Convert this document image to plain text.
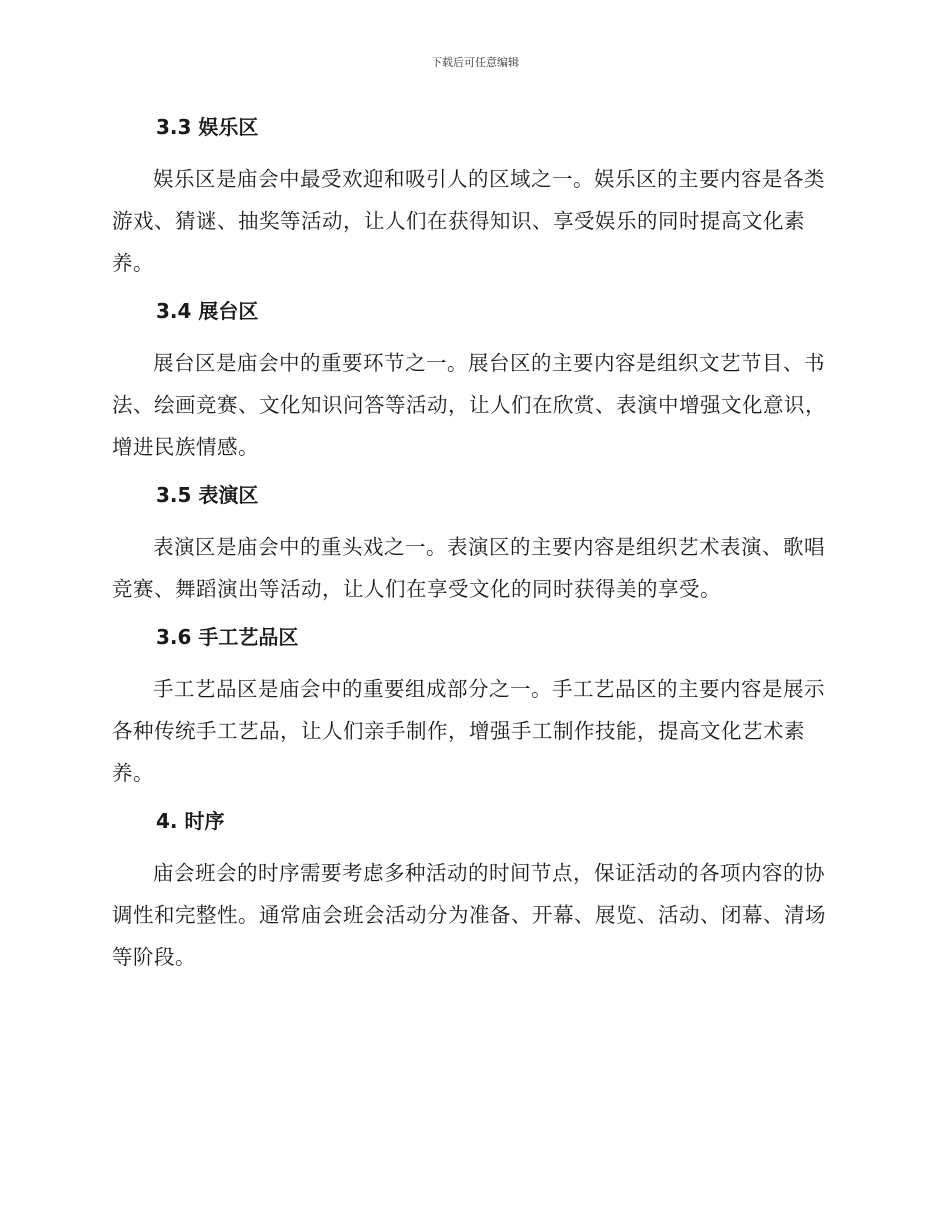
下载后可任意编辑
3.3 娱乐区

娱乐区是庙会中最受欢迎和吸引人的区域之一。娱乐区的主要内容是各类游戏、猜谜、抽奖等活动，让人们在获得知识、享受娱乐的同时提高文化素养。

3.4 展台区

展台区是庙会中的重要环节之一。展台区的主要内容是组织文艺节目、书法、绘画竞赛、文化知识问答等活动，让人们在欣赏、表演中增强文化意识，增进民族情感。

3.5 表演区

表演区是庙会中的重头戏之一。表演区的主要内容是组织艺术表演、歌唱竞赛、舞蹈演出等活动，让人们在享受文化的同时获得美的享受。

3.6 手工艺品区

手工艺品区是庙会中的重要组成部分之一。手工艺品区的主要内容是展示各种传统手工艺品，让人们亲手制作，增强手工制作技能，提高文化艺术素养。

4. 时序

庙会班会的时序需要考虑多种活动的时间节点，保证活动的各项内容的协调性和完整性。通常庙会班会活动分为准备、开幕、展览、活动、闭幕、清场等阶段。
